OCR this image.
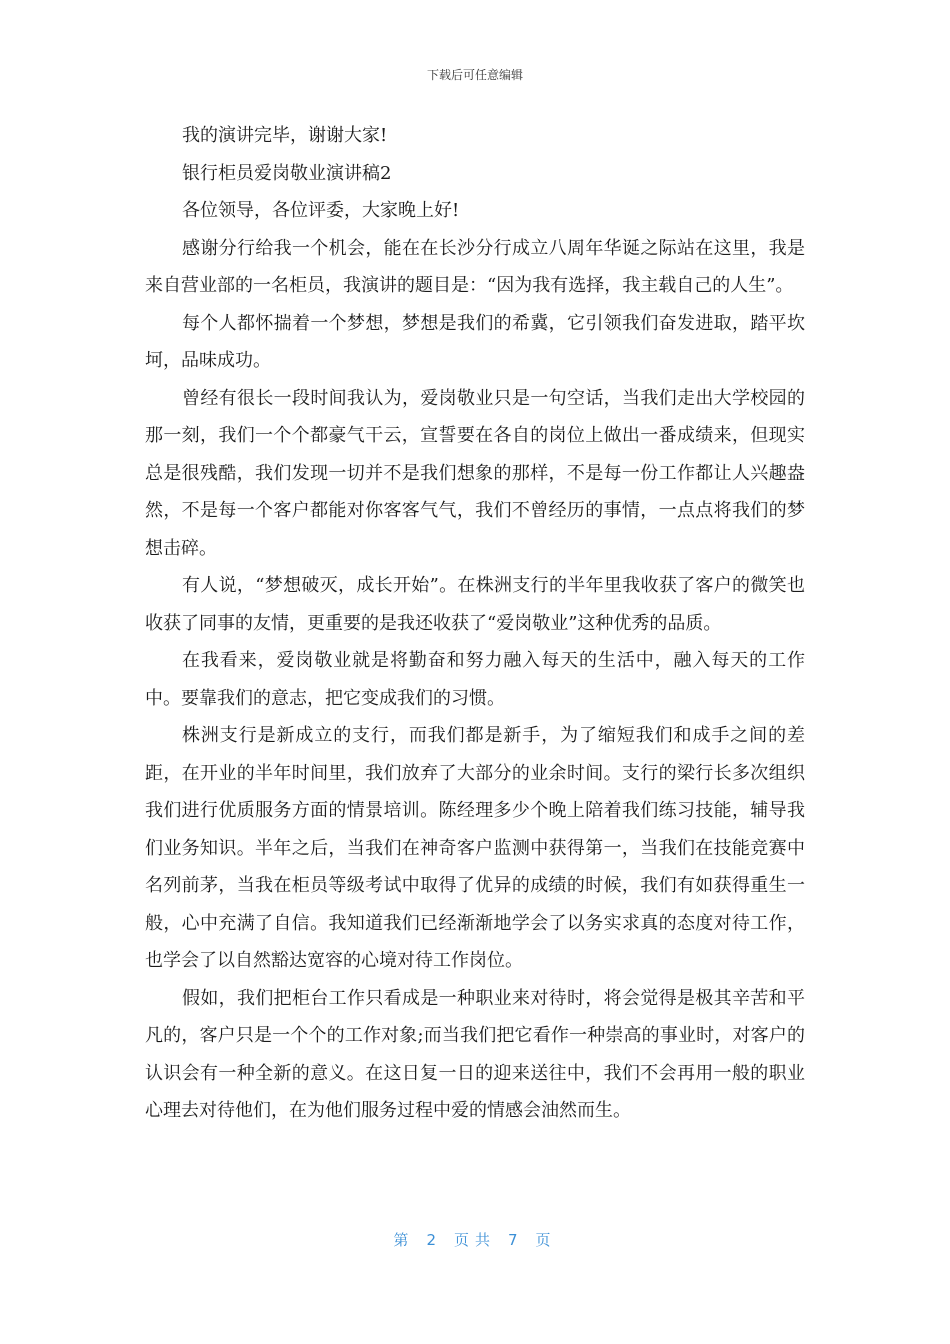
下载后可任意编辑

我的演讲完毕，谢谢大家!

银行柜员爱岗敬业演讲稿2

各位领导，各位评委，大家晚上好!

感谢分行给我一个机会，能在在长沙分行成立八周年华诞之际站在这里，我是来自营业部的一名柜员，我演讲的题目是：“因为我有选择，我主载自己的人生”。

每个人都怀揣着一个梦想，梦想是我们的希冀，它引领我们奋发进取，踏平坎坷，品味成功。

曾经有很长一段时间我认为，爱岗敬业只是一句空话，当我们走出大学校园的那一刻，我们一个个都豪气干云，宣誓要在各自的岗位上做出一番成绩来，但现实总是很残酷，我们发现一切并不是我们想象的那样，不是每一份工作都让人兴趣盎然，不是每一个客户都能对你客客气气，我们不曾经历的事情，一点点将我们的梦想击碎。

有人说，“梦想破灭，成长开始”。在株洲支行的半年里我收获了客户的微笑也收获了同事的友情，更重要的是我还收获了“爱岗敬业”这种优秀的品质。

在我看来，爱岗敬业就是将勤奋和努力融入每天的生活中，融入每天的工作中。要靠我们的意志，把它变成我们的习惯。

株洲支行是新成立的支行，而我们都是新手，为了缩短我们和成手之间的差距，在开业的半年时间里，我们放弃了大部分的业余时间。支行的梁行长多次组织我们进行优质服务方面的情景培训。陈经理多少个晚上陪着我们练习技能，辅导我们业务知识。半年之后，当我们在神奇客户监测中获得第一，当我们在技能竞赛中名列前茅，当我在柜员等级考试中取得了优异的成绩的时候，我们有如获得重生一般，心中充满了自信。我知道我们已经渐渐地学会了以务实求真的态度对待工作，也学会了以自然豁达宽容的心境对待工作岗位。

假如，我们把柜台工作只看成是一种职业来对待时，将会觉得是极其辛苦和平凡的，客户只是一个个的工作对象;而当我们把它看作一种崇高的事业时，对客户的认识会有一种全新的意义。在这日复一日的迎来送往中，我们不会再用一般的职业心理去对待他们，在为他们服务过程中爱的情感会油然而生。

第 2 页共 7 页
